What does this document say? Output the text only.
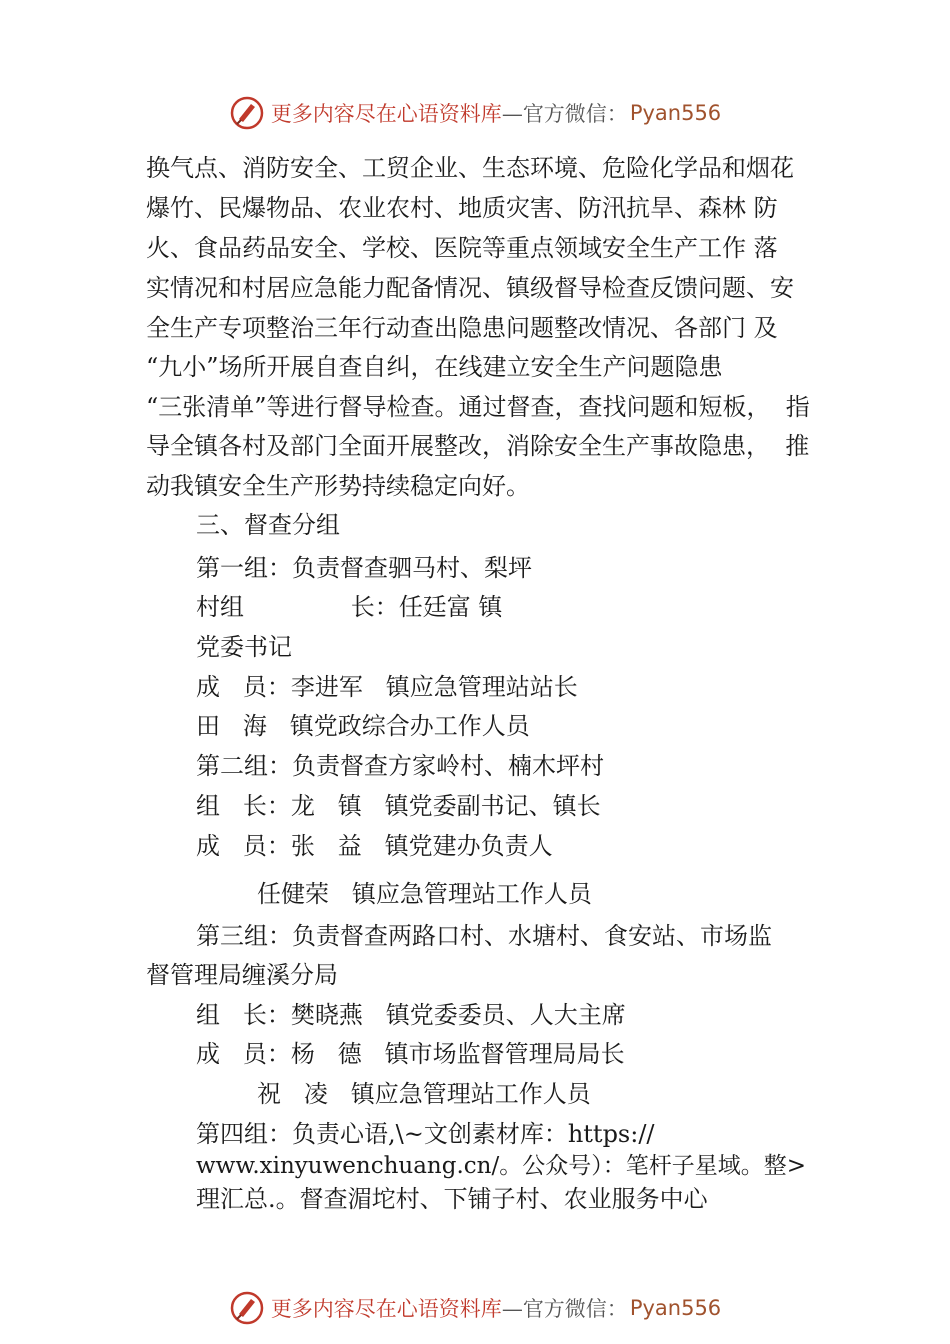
更多内容尽在心语资料库 —官方微信： Pyan556
换气点、消防安全、工贸企业、生态环境、危险化学品和烟花
爆竹、民爆物品、农业农村、地质灾害、防汛抗旱、森林 防
火、食品药品安全、学校、医院等重点领域安全生产工作 落
实情况和村居应急能力配备情况、镇级督导检查反馈问题、安
全生产专项整治三年行动查出隐患问题整改情况、各部门 及
“九小”场所开展自查自纠，在线建立安全生产问题隐患
“三张清单”等进行督导检查。通过督查，查找问题和短板，  指
导全镇各村及部门全面开展整改，消除安全生产事故隐患，  推
动我镇安全生产形势持续稳定向好。
三、督查分组
第一组：负责督查驷马村、梨坪
村组              长：任廷富 镇
党委书记
成   员：李进军   镇应急管理站站长
田   海   镇党政综合办工作人员
第二组：负责督查方家岭村、楠木坪村
组   长：龙   镇   镇党委副书记、镇长
成   员：张   益   镇党建办负责人
任健荣   镇应急管理站工作人员
第三组：负责督查两路口村、水塘村、食安站、市场监
督管理局缠溪分局
组   长：樊晓燕   镇党委委员、人大主席
成   员：杨   德   镇市场监督管理局局长
祝   凌   镇应急管理站工作人员
第四组：负责心语,\~文创素材库：https://
www.xinyuwenchuang.cn/。公众号）：笔杆子星域。整>
理汇总.。督查湄坨村、下铺子村、农业服务中心
更多内容尽在心语资料库 —官方微信： Pyan556
